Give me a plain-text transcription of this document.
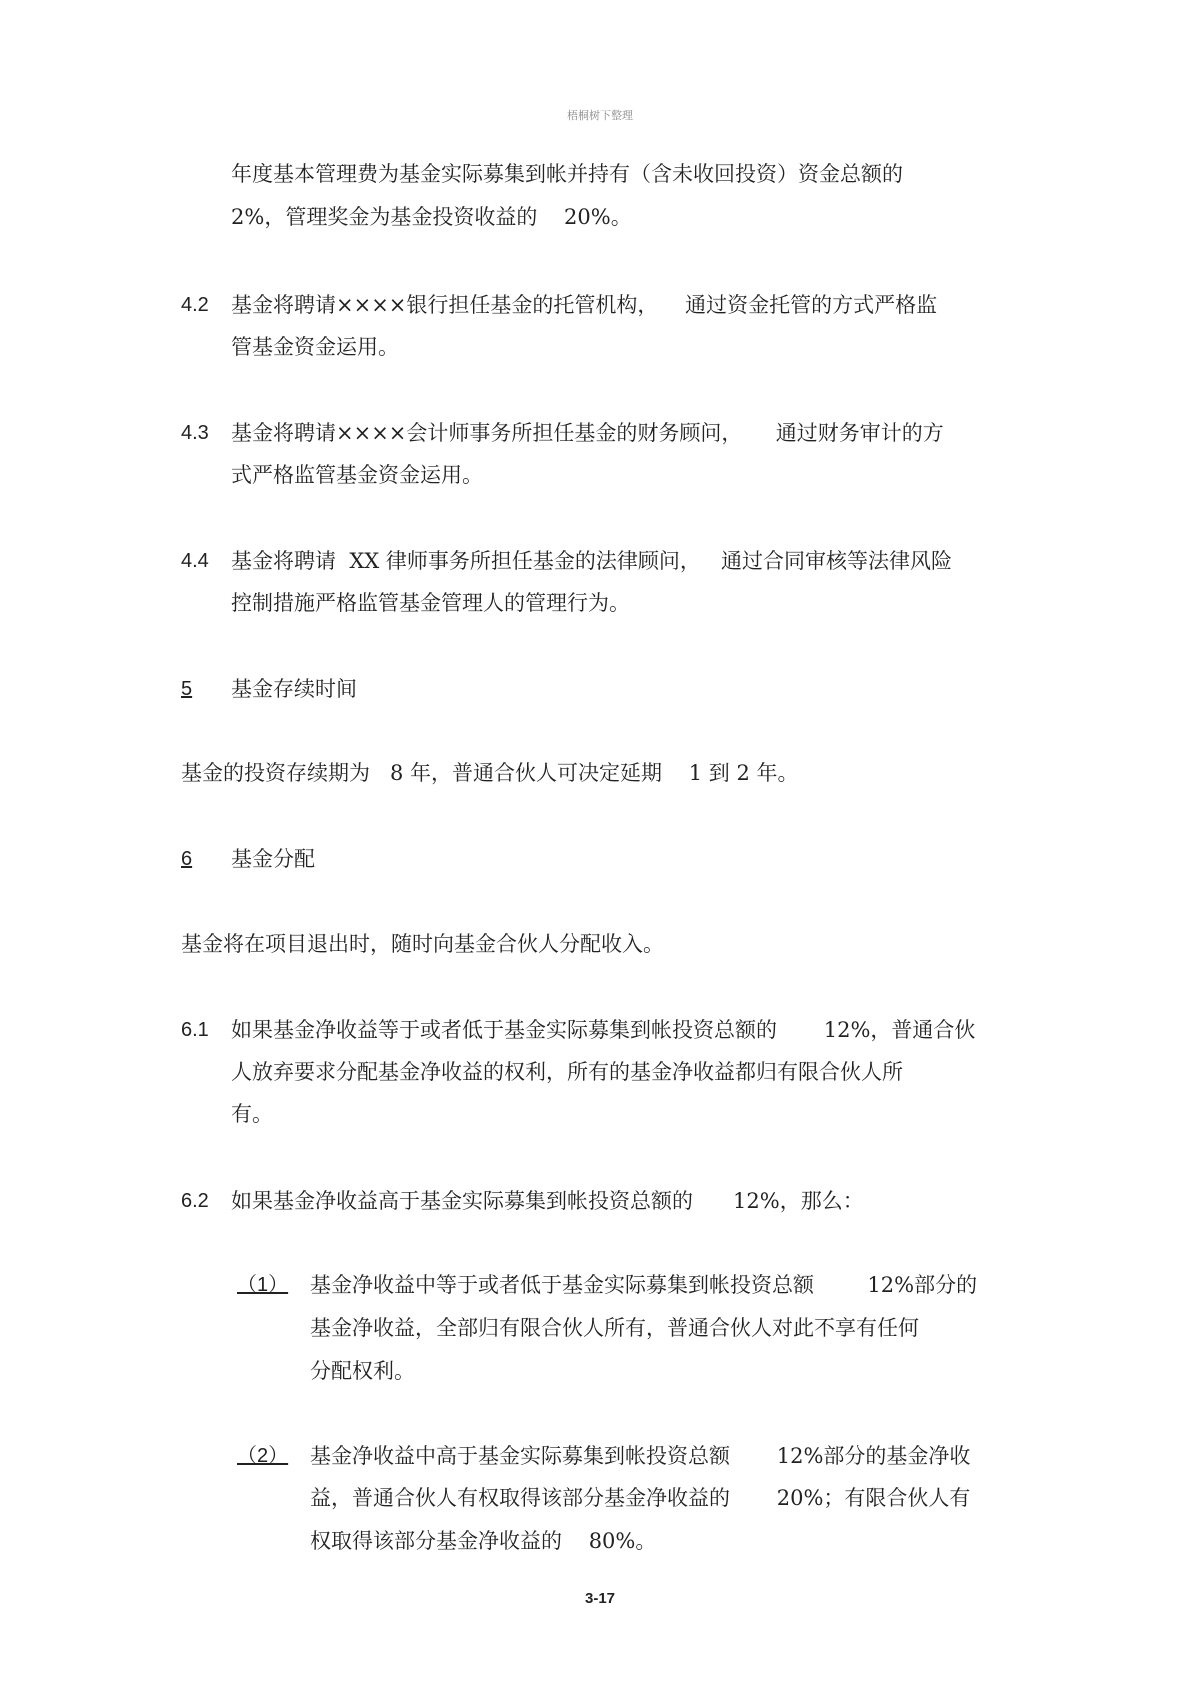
梧桐树下整理
年度基本管理费为基金实际募集到帐并持有（含未收回投资）资金总额的
2%，管理奖金为基金投资收益的    20%。
4.2 基金将聘请××××银行担任基金的托管机构，    通过资金托管的方式严格监
管基金资金运用。
4.3 基金将聘请××××会计师事务所担任基金的财务顾问，     通过财务审计的方
式严格监管基金资金运用。
4.4 基金将聘请  XX 律师事务所担任基金的法律顾问，   通过合同审核等法律风险
控制措施严格监管基金管理人的管理行为。
5 基金存续时间
基金的投资存续期为   8 年，普通合伙人可决定延期    1 到 2 年。
6 基金分配
基金将在项目退出时，随时向基金合伙人分配收入。
6.1 如果基金净收益等于或者低于基金实际募集到帐投资总额的       12%，普通合伙
人放弃要求分配基金净收益的权利，所有的基金净收益都归有限合伙人所
有。
6.2 如果基金净收益高于基金实际募集到帐投资总额的      12%，那么：
（1） 基金净收益中等于或者低于基金实际募集到帐投资总额        12%部分的
基金净收益，全部归有限合伙人所有，普通合伙人对此不享有任何
分配权利。
（2） 基金净收益中高于基金实际募集到帐投资总额       12%部分的基金净收
益，普通合伙人有权取得该部分基金净收益的       20%；有限合伙人有
权取得该部分基金净收益的    80%。
3-17
